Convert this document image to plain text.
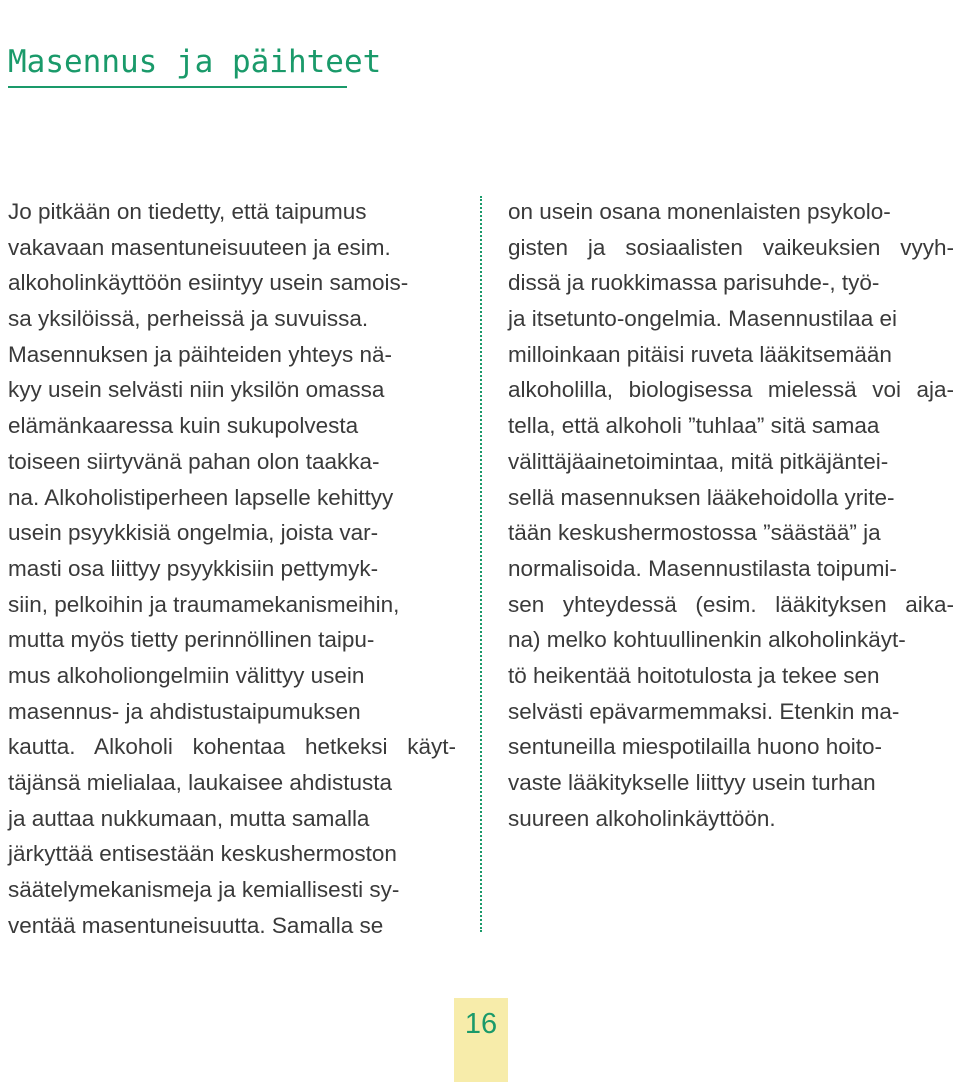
Masennus ja päihteet
Jo pitkään on tiedetty, että taipumus
vakavaan masentuneisuuteen ja esim.
alkoholinkäyttöön esiintyy usein samois-
sa yksilöissä, perheissä ja suvuissa.
Masennuksen ja päihteiden yhteys nä-
kyy usein selvästi niin yksilön omassa
elämänkaaressa kuin sukupolvesta
toiseen siirtyvänä pahan olon taakka-
na. Alkoholistiperheen lapselle kehittyy
usein psyykkisiä ongelmia, joista var-
masti osa liittyy psyykkisiin pettymyk-
siin, pelkoihin ja traumamekanismeihin,
mutta myös tietty perinnöllinen taipu-
mus alkoholiongelmiin välittyy usein
masennus- ja ahdistustaipumuksen
kautta. Alkoholi kohentaa hetkeksi käyt-
täjänsä mielialaa, laukaisee ahdistusta
ja auttaa nukkumaan, mutta samalla
järkyttää entisestään keskushermoston
säätelymekanismeja ja kemiallisesti sy-
ventää masentuneisuutta. Samalla se
on usein osana monenlaisten psykolo-
gisten ja sosiaalisten vaikeuksien vyyh-
dissä ja ruokkimassa parisuhde-, työ-
ja itsetunto-ongelmia. Masennustilaa ei
milloinkaan pitäisi ruveta lääkitsemään
alkoholilla, biologisessa mielessä voi aja-
tella, että alkoholi ”tuhlaa” sitä samaa
välittäjäainetoimintaa, mitä pitkäjäntei-
sellä masennuksen lääkehoidolla yrite-
tään keskushermostossa ”säästää” ja
normalisoida. Masennustilasta toipumi-
sen yhteydessä (esim. lääkityksen aika-
na) melko kohtuullinenkin alkoholinkäyt-
tö heikentää hoitotulosta ja tekee sen
selvästi epävarmemmaksi. Etenkin ma-
sentuneilla miespotilailla huono hoito-
vaste lääkitykselle liittyy usein turhan
suureen alkoholinkäyttöön.
16
